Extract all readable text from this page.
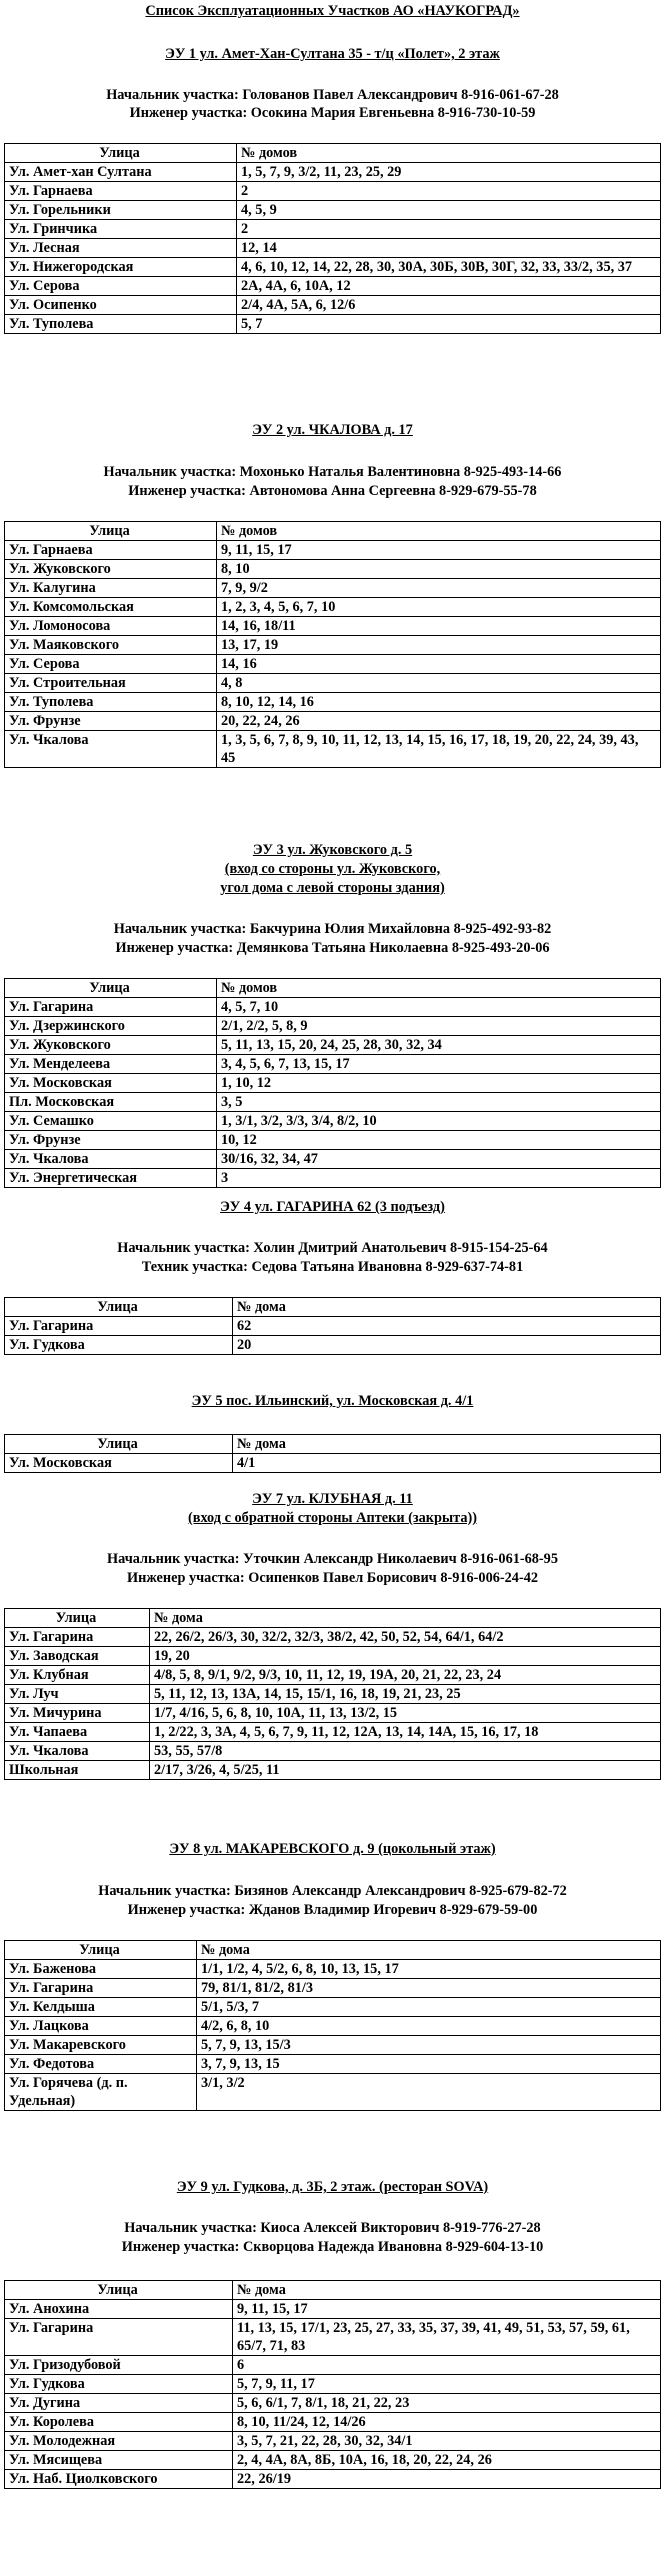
Список Эксплуатационных Участков АО «НАУКОГРАД»
ЭУ 1 ул. Амет-Хан-Султана 35 - т/ц «Полет», 2 этаж
Начальник участка: Голованов Павел Александрович 8-916-061-67-28
Инженер участка: Осокина Мария Евгеньевна 8-916-730-10-59
Улица	№ домов
Ул. Амет-хан Султана	1, 5, 7, 9, 3/2, 11, 23, 25, 29
Ул. Гарнаева	2
Ул. Горельники	4, 5, 9
Ул. Гринчика	2
Ул. Лесная	12, 14
Ул. Нижегородская	4, 6, 10, 12, 14, 22, 28, 30, 30А, 30Б, 30В, 30Г, 32, 33, 33/2, 35, 37
Ул. Серова	2А, 4А, 6, 10А, 12
Ул. Осипенко	2/4, 4А, 5А, 6, 12/6
Ул. Туполева	5, 7
ЭУ 2 ул. ЧКАЛОВА д. 17
Начальник участка: Мохонько Наталья Валентиновна 8-925-493-14-66
Инженер участка: Автономова Анна Сергеевна 8-929-679-55-78
Улица	№ домов
Ул. Гарнаева	9, 11, 15, 17
Ул. Жуковского	8, 10
Ул. Калугина	7, 9, 9/2
Ул. Комсомольская	1, 2, 3, 4, 5, 6, 7, 10
Ул. Ломоносова	14, 16, 18/11
Ул. Маяковского	13, 17, 19
Ул. Серова	14, 16
Ул. Строительная	4, 8
Ул. Туполева	8, 10, 12, 14, 16
Ул. Фрунзе	20, 22, 24, 26
Ул. Чкалова	1, 3, 5, 6, 7, 8, 9, 10, 11, 12, 13, 14, 15, 16, 17, 18, 19, 20, 22, 24, 39, 43, 45
ЭУ 3 ул. Жуковского д. 5
(вход со стороны ул. Жуковского,
угол дома с левой стороны здания)
Начальник участка: Бакчурина Юлия Михайловна 8-925-492-93-82
Инженер участка: Демянкова Татьяна Николаевна 8-925-493-20-06
Улица	№ домов
Ул. Гагарина	4, 5, 7, 10
Ул. Дзержинского	2/1, 2/2, 5, 8, 9
Ул. Жуковского	5, 11, 13, 15, 20, 24, 25, 28, 30, 32, 34
Ул. Менделеева	3, 4, 5, 6, 7, 13, 15, 17
Ул. Московская	1, 10, 12
Пл. Московская	3, 5
Ул. Семашко	1, 3/1, 3/2, 3/3, 3/4, 8/2, 10
Ул. Фрунзе	10, 12
Ул. Чкалова	30/16, 32, 34, 47
Ул. Энергетическая	3
ЭУ 4 ул. ГАГАРИНА 62 (3 подъезд)
Начальник участка: Холин Дмитрий Анатольевич 8-915-154-25-64
Техник участка: Седова Татьяна Ивановна 8-929-637-74-81
Улица	№ дома
Ул. Гагарина	62
Ул. Гудкова	20
ЭУ 5 пос. Ильинский, ул. Московская д. 4/1
Улица	№ дома
Ул. Московская	4/1
ЭУ 7 ул. КЛУБНАЯ д. 11
(вход с обратной стороны Аптеки (закрыта))
Начальник участка: Уточкин Александр Николаевич 8-916-061-68-95
Инженер участка: Осипенков Павел Борисович 8-916-006-24-42
Улица	№ дома
Ул. Гагарина	22, 26/2, 26/3, 30, 32/2, 32/3, 38/2, 42, 50, 52, 54, 64/1, 64/2
Ул. Заводская	19, 20
Ул. Клубная	4/8, 5, 8, 9/1, 9/2, 9/3, 10, 11, 12, 19, 19А, 20, 21, 22, 23, 24
Ул. Луч	5, 11, 12, 13, 13А, 14, 15, 15/1, 16, 18, 19, 21, 23, 25
Ул. Мичурина	1/7, 4/16, 5, 6, 8, 10, 10А, 11, 13, 13/2, 15
Ул. Чапаева	1, 2/22, 3, 3А, 4, 5, 6, 7, 9, 11, 12, 12А, 13, 14, 14А, 15, 16, 17, 18
Ул. Чкалова	53, 55, 57/8
Школьная	2/17, 3/26, 4, 5/25, 11
ЭУ 8 ул. МАКАРЕВСКОГО д. 9 (цокольный этаж)
Начальник участка: Бизянов Александр Александрович 8-925-679-82-72
Инженер участка: Жданов Владимир Игоревич 8-929-679-59-00
Улица	№ дома
Ул. Баженова	1/1, 1/2, 4, 5/2, 6, 8, 10, 13, 15, 17
Ул. Гагарина	79, 81/1, 81/2, 81/3
Ул. Келдыша	5/1, 5/3, 7
Ул. Лацкова	4/2, 6, 8, 10
Ул. Макаревского	5, 7, 9, 13, 15/3
Ул. Федотова	3, 7, 9, 13, 15
Ул. Горячева (д. п. Удельная)	3/1, 3/2
ЭУ 9 ул. Гудкова, д. 3Б, 2 этаж. (ресторан SOVA)
Начальник участка: Киоса Алексей Викторович 8-919-776-27-28
Инженер участка: Скворцова Надежда Ивановна 8-929-604-13-10
Улица	№ дома
Ул. Анохина	9, 11, 15, 17
Ул. Гагарина	11, 13, 15, 17/1, 23, 25, 27, 33, 35, 37, 39, 41, 49, 51, 53, 57, 59, 61, 65/7, 71, 83
Ул. Гризодубовой	6
Ул. Гудкова	5, 7, 9, 11, 17
Ул. Дугина	5, 6, 6/1, 7, 8/1, 18, 21, 22, 23
Ул. Королева	8, 10, 11/24, 12, 14/26
Ул. Молодежная	3, 5, 7, 21, 22, 28, 30, 32, 34/1
Ул. Мясищева	2, 4, 4А, 8А, 8Б, 10А, 16, 18, 20, 22, 24, 26
Ул. Наб. Циолковского	22, 26/19
